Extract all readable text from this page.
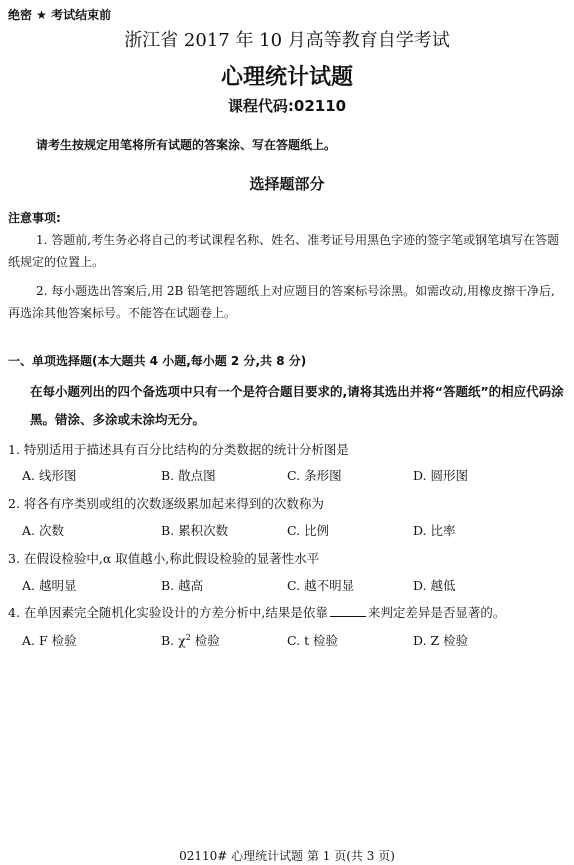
绝密 ★ 考试结束前
浙江省 2017 年 10 月高等教育自学考试
心理统计试题
课程代码:02110
请考生按规定用笔将所有试题的答案涂、写在答题纸上。
选择题部分
注意事项:
1. 答题前,考生务必将自己的考试课程名称、姓名、准考证号用黑色字迹的签字笔或钢笔填写在答题纸规定的位置上。
2. 每小题选出答案后,用 2B 铅笔把答题纸上对应题目的答案标号涂黑。如需改动,用橡皮擦干净后,再选涂其他答案标号。不能答在试题卷上。
一、单项选择题(本大题共 4 小题,每小题 2 分,共 8 分)
在每小题列出的四个备选项中只有一个是符合题目要求的,请将其选出并将“答题纸”的相应代码涂黑。错涂、多涂或未涂均无分。
1. 特别适用于描述具有百分比结构的分类数据的统计分析图是
A. 线形图	B. 散点图	C. 条形图	D. 圆形图
2. 将各有序类别或组的次数逐级累加起来得到的次数称为
A. 次数	B. 累积次数	C. 比例	D. 比率
3. 在假设检验中,α 取值越小,称此假设检验的显著性水平
A. 越明显	B. 越高	C. 越不明显	D. 越低
4. 在单因素完全随机化实验设计的方差分析中,结果是依靠	来判定差异是否显著的。
A. F 检验	B. $\chi^2$ 检验	C. t 检验	D. Z 检验
02110# 心理统计试题 第 1 页(共 3 页)
